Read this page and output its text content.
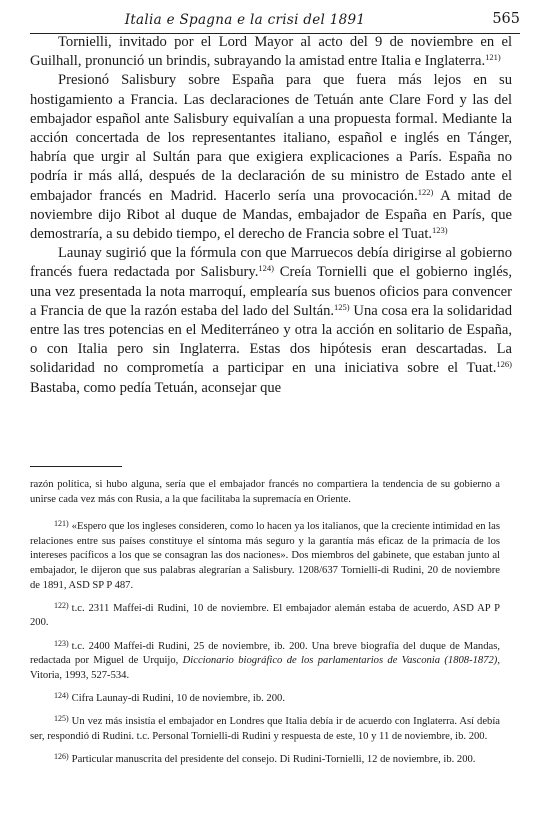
Italia e Spagna e la crisi del 1891	565

Tornielli, invitado por el Lord Mayor al acto del 9 de noviembre en el Guilhall, pronunció un brindis, subrayando la amistad entre Italia e Inglaterra.$^{121)}$

Presionó Salisbury sobre España para que fuera más lejos en su hostigamiento a Francia. Las declaraciones de Tetuán ante Clare Ford y las del embajador español ante Salisbury equivalían a una propuesta formal. Mediante la acción concertada de los representantes italiano, español e inglés en Tánger, habría que urgir al Sultán para que exigiera explicaciones a París. España no podría ir más allá, después de la declaración de su ministro de Estado ante el embajador francés en Madrid. Hacerlo sería una provocación.$^{122)}$ A mitad de noviembre dijo Ribot al duque de Mandas, embajador de España en París, que demostraría, a su debido tiempo, el derecho de Francia sobre el Tuat.$^{123)}$

Launay sugirió que la fórmula con que Marruecos debía dirigirse al gobierno francés fuera redactada por Salisbury.$^{124)}$ Creía Tornielli que el gobierno inglés, una vez presentada la nota marroquí, emplearía sus buenos oficios para convencer a Francia de que la razón estaba del lado del Sultán.$^{125)}$ Una cosa era la solidaridad entre las tres potencias en el Mediterráneo y otra la acción en solitario de España, o con Italia pero sin Inglaterra. Estas dos hipótesis eran descartadas. La solidaridad no comprometía a participar en una iniciativa sobre el Tuat.$^{126)}$ Bastaba, como pedía Tetuán, aconsejar que

razón política, si hubo alguna, sería que el embajador francés no compartiera la tendencia de su gobierno a unirse cada vez más con Rusia, a la que facilitaba la supremacía en Oriente.

$^{121)}$ «Espero que los ingleses consideren, como lo hacen ya los italianos, que la creciente intimidad en las relaciones entre sus países constituye el síntoma más seguro y la garantía más eficaz de la primacía de los intereses pacíficos a los que se consagran las dos naciones». Dos miembros del gabinete, que estaban junto al embajador, le dijeron que sus palabras alegrarían a Salisbury. 1208/637 Tornielli-di Rudini, 20 de noviembre de 1891, ASD SP P 487.

$^{122)}$ t.c. 2311 Maffei-di Rudini, 10 de noviembre. El embajador alemán estaba de acuerdo, ASD AP P 200.

$^{123)}$ t.c. 2400 Maffei-di Rudini, 25 de noviembre, ib. 200. Una breve biografía del duque de Mandas, redactada por Miguel de Urquijo, Diccionario biográfico de los parlamentarios de Vasconia (1808-1872), Vitoria, 1993, 527-534.

$^{124)}$ Cifra Launay-di Rudini, 10 de noviembre, ib. 200.

$^{125)}$ Un vez más insistía el embajador en Londres que Italia debía ir de acuerdo con Inglaterra. Así debía ser, respondió di Rudini. t.c. Personal Tornielli-di Rudini y respuesta de este, 10 y 11 de noviembre, ib. 200.

$^{126)}$ Particular manuscrita del presidente del consejo. Di Rudini-Tornielli, 12 de noviembre, ib. 200.
